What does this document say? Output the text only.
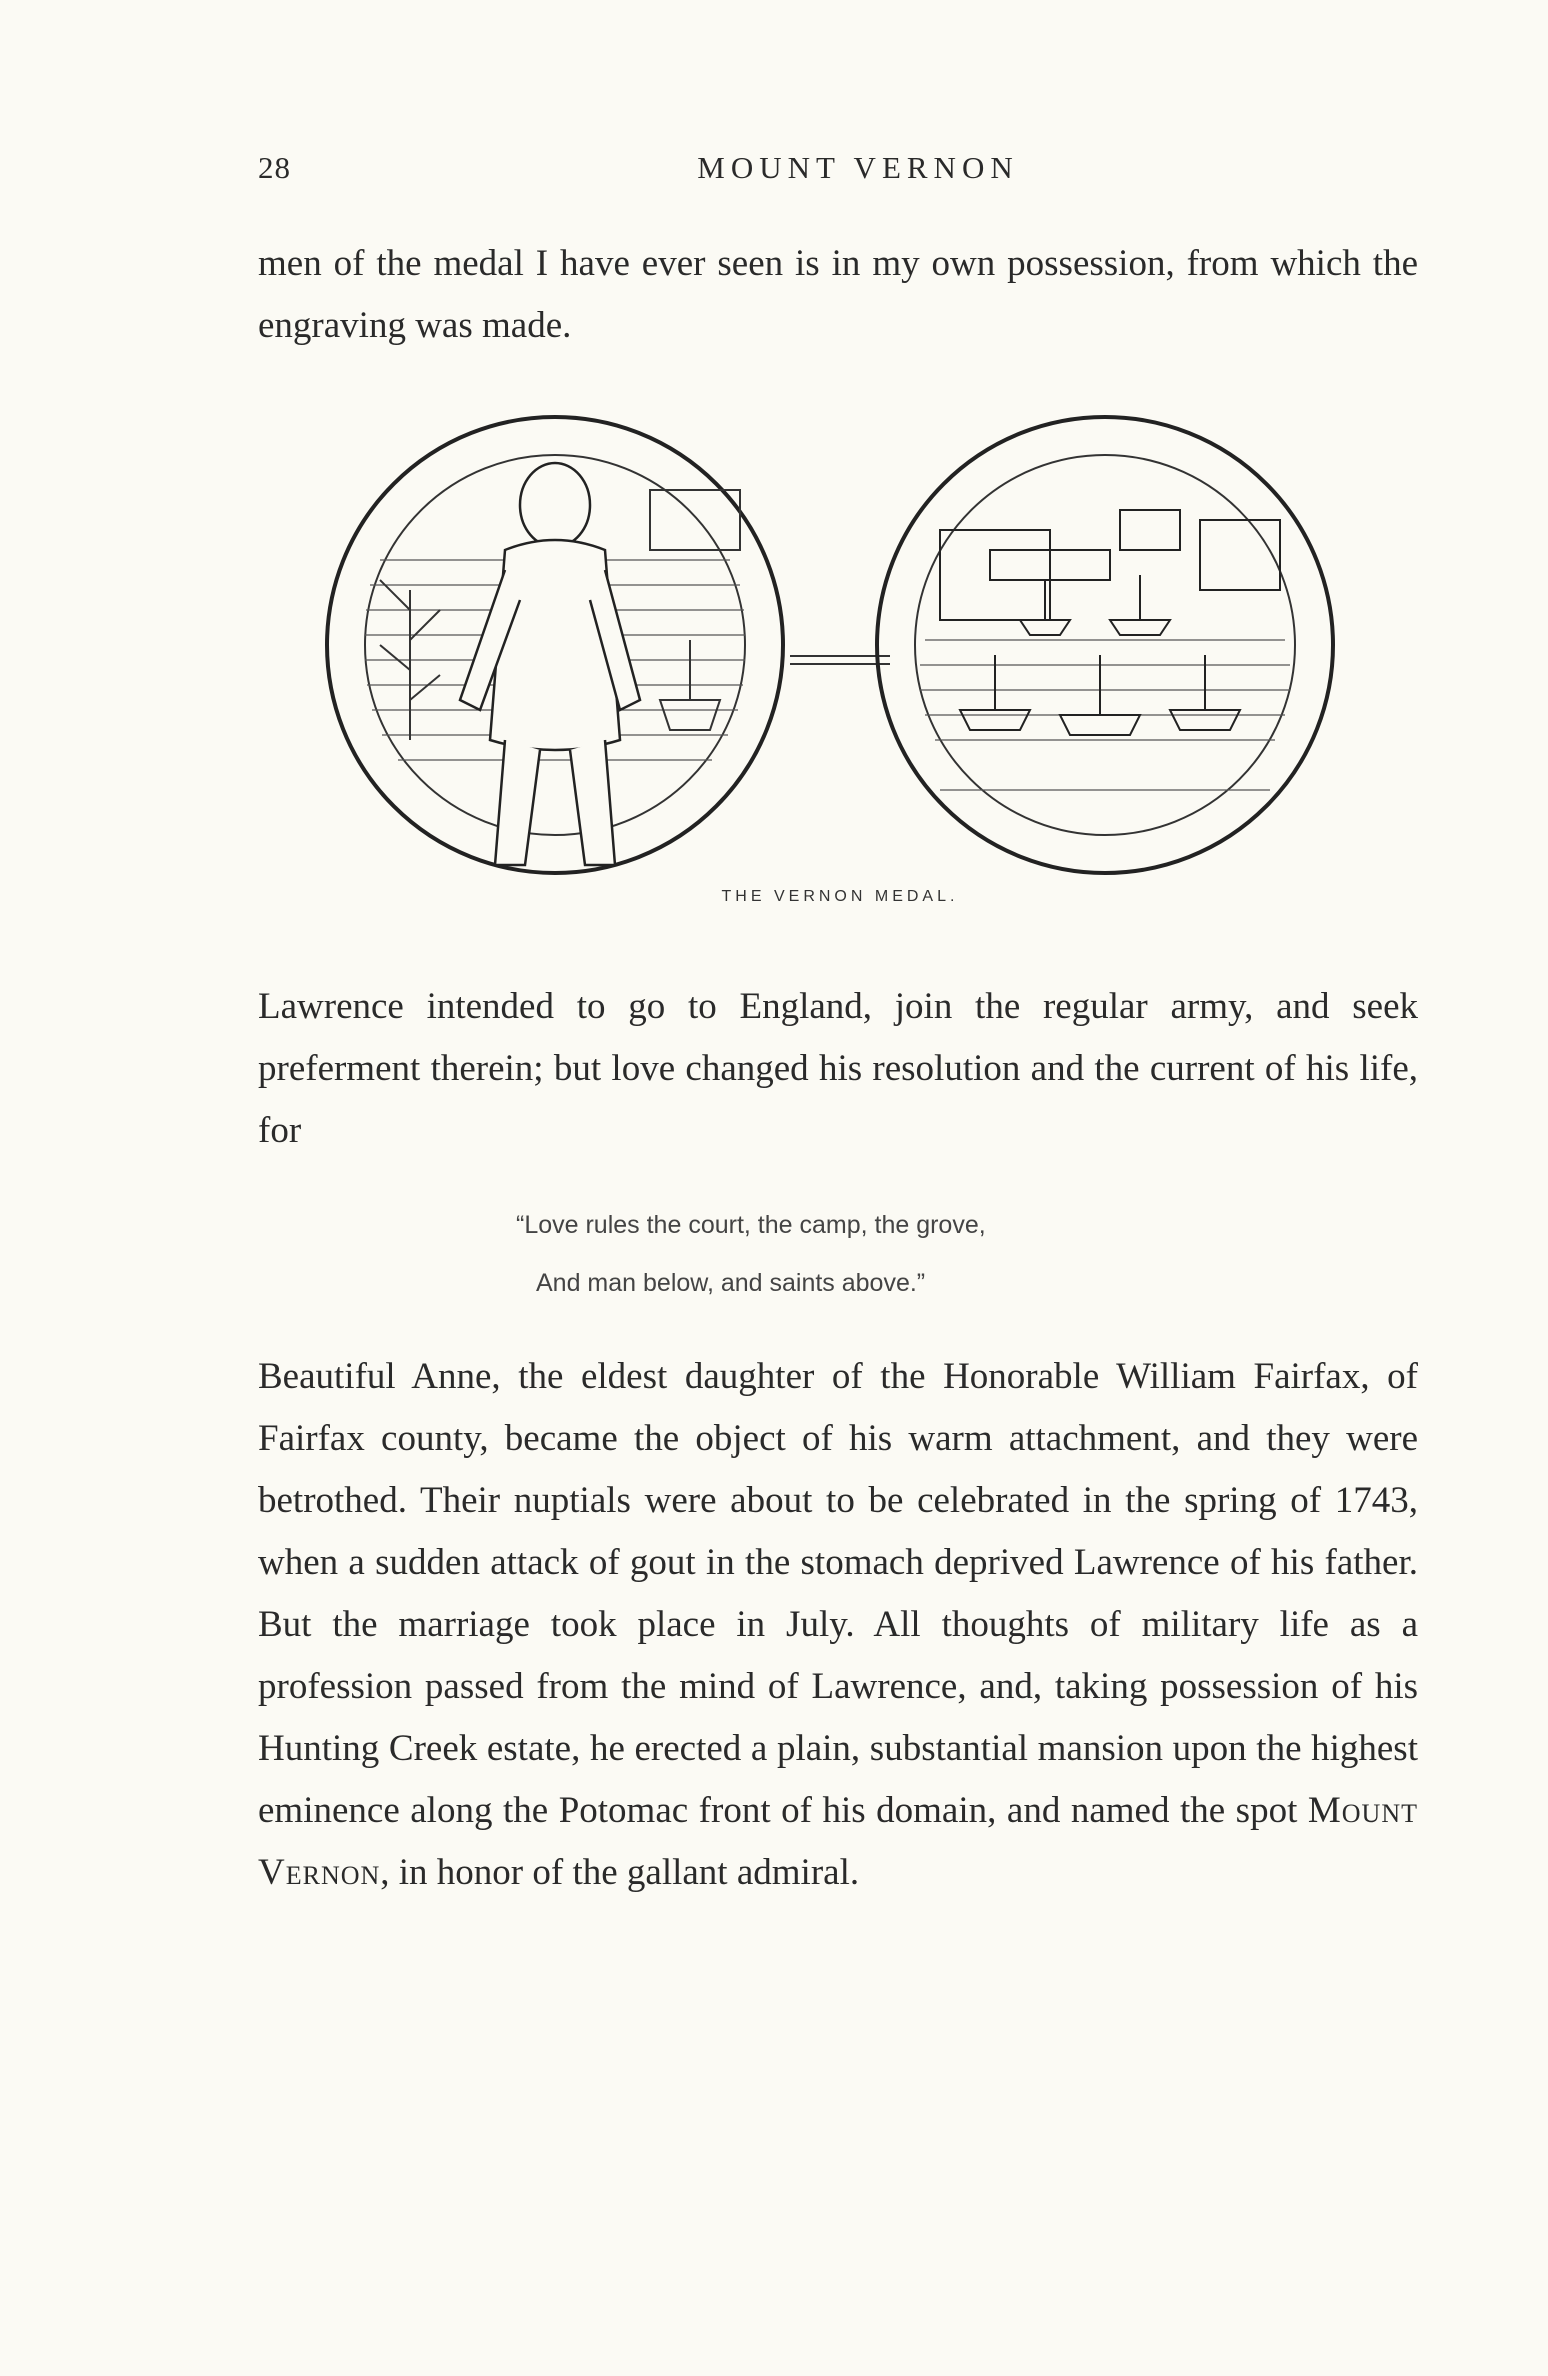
28	MOUNT VERNON

men of the medal I have ever seen is in my own possession, from which the engraving was made.

THE VERNON MEDAL.

Lawrence intended to go to England, join the regular army, and seek preferment therein; but love changed his resolution and the current of his life, for

“Love rules the court, the camp, the grove,

And man below, and saints above.”

Beautiful Anne, the eldest daughter of the Honorable William Fairfax, of Fairfax county, became the object of his warm attachment, and they were betrothed. Their nuptials were about to be celebrated in the spring of 1743, when a sudden attack of gout in the stomach deprived Lawrence of his father. But the marriage took place in July. All thoughts of military life as a profession passed from the mind of Lawrence, and, taking possession of his Hunting Creek estate, he erected a plain, substantial mansion upon the highest eminence along the Potomac front of his domain, and named the spot Mount Vernon, in honor of the gallant admiral.
